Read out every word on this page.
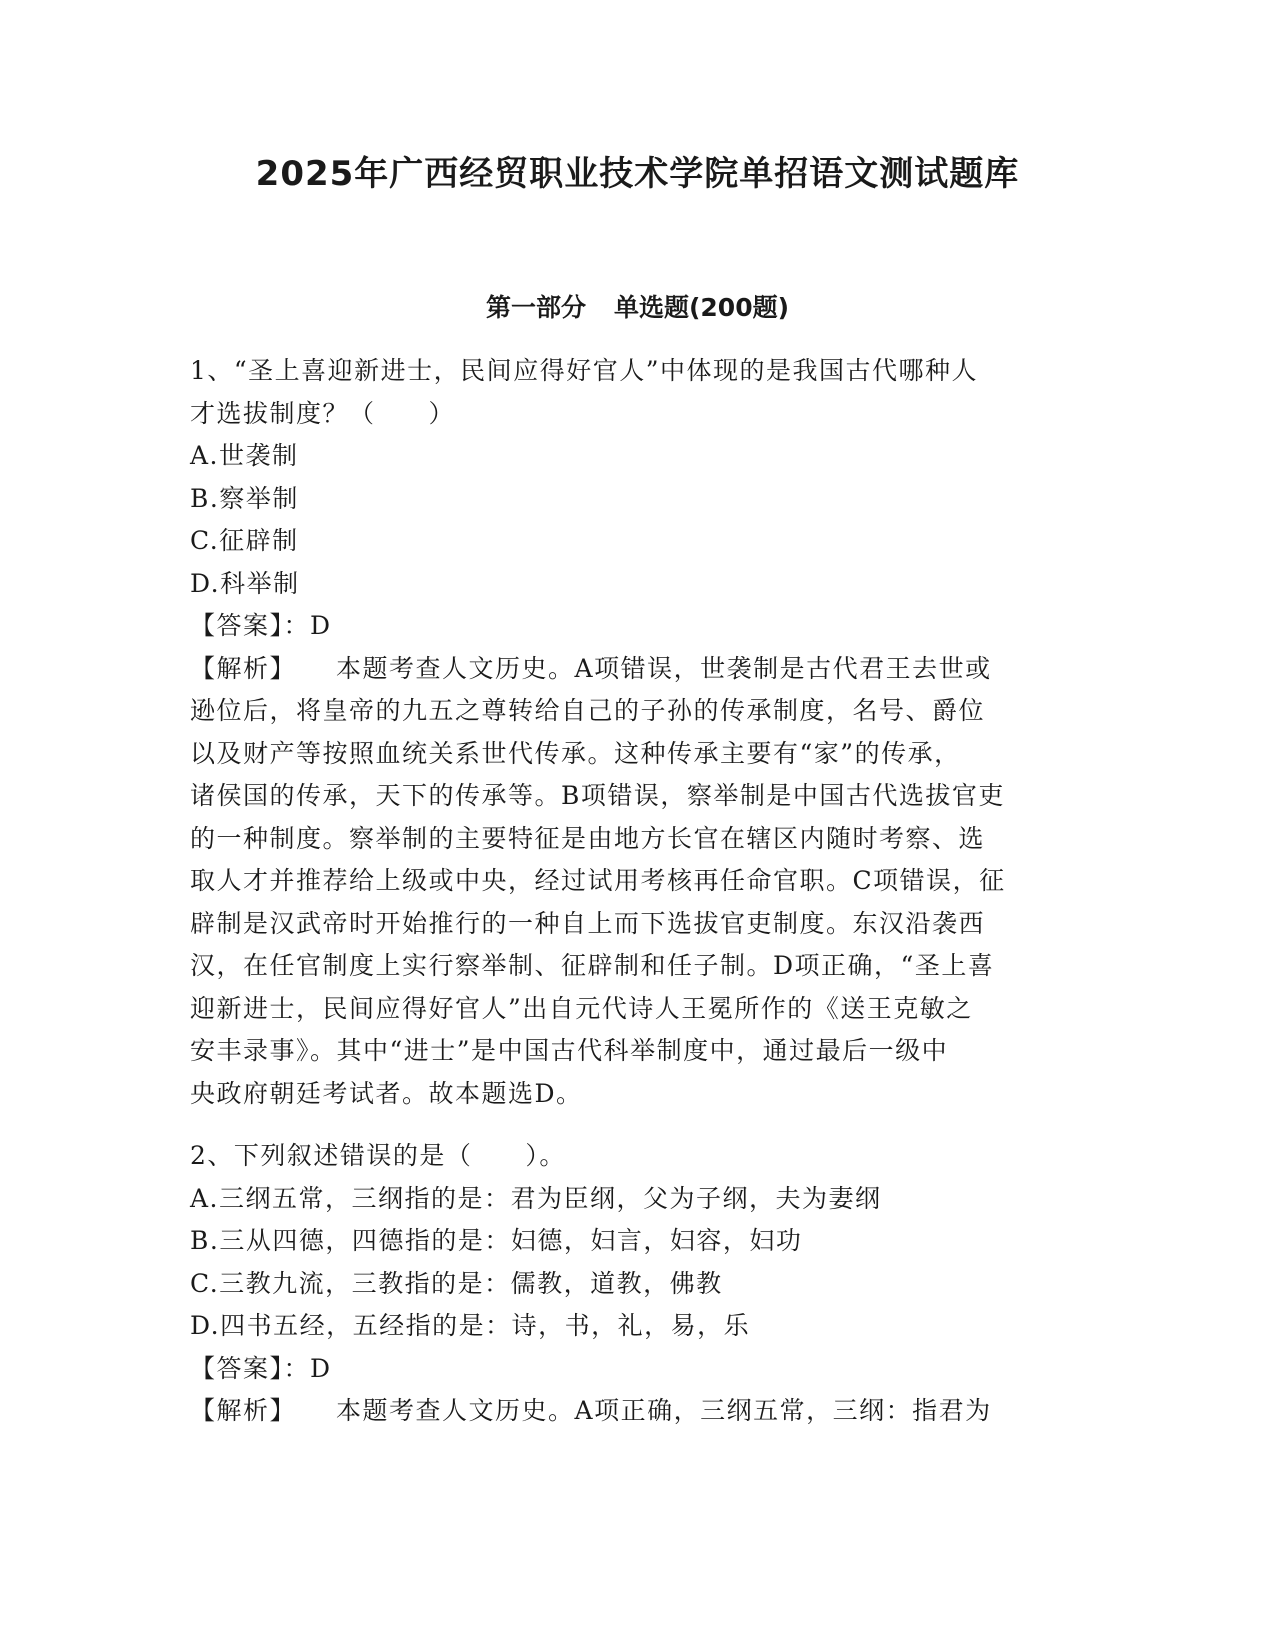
2025年广西经贸职业技术学院单招语文测试题库
第一部分 单选题(200题)

1、“圣上喜迎新进士，民间应得好官人”中体现的是我国古代哪种人

才选拔制度？（　　）

A.世袭制

B.察举制

C.征辟制

D.科举制

【答案】：D

【解析】 本题考查人文历史。A项错误，世袭制是古代君王去世或

逊位后，将皇帝的九五之尊转给自己的子孙的传承制度，名号、爵位

以及财产等按照血统关系世代传承。这种传承主要有“家”的传承，

诸侯国的传承，天下的传承等。B项错误，察举制是中国古代选拔官吏

的一种制度。察举制的主要特征是由地方长官在辖区内随时考察、选

取人才并推荐给上级或中央，经过试用考核再任命官职。C项错误，征

辟制是汉武帝时开始推行的一种自上而下选拔官吏制度。东汉沿袭西

汉，在任官制度上实行察举制、征辟制和任子制。D项正确，“圣上喜

迎新进士，民间应得好官人”出自元代诗人王冕所作的《送王克敏之

安丰录事》。其中“进士”是中国古代科举制度中，通过最后一级中

央政府朝廷考试者。故本题选D。

2、下列叙述错误的是（　　）。

A.三纲五常，三纲指的是：君为臣纲，父为子纲，夫为妻纲

B.三从四德，四德指的是：妇德，妇言，妇容，妇功

C.三教九流，三教指的是：儒教，道教，佛教

D.四书五经，五经指的是：诗，书，礼，易，乐

【答案】：D

【解析】 本题考查人文历史。A项正确，三纲五常，三纲：指君为
